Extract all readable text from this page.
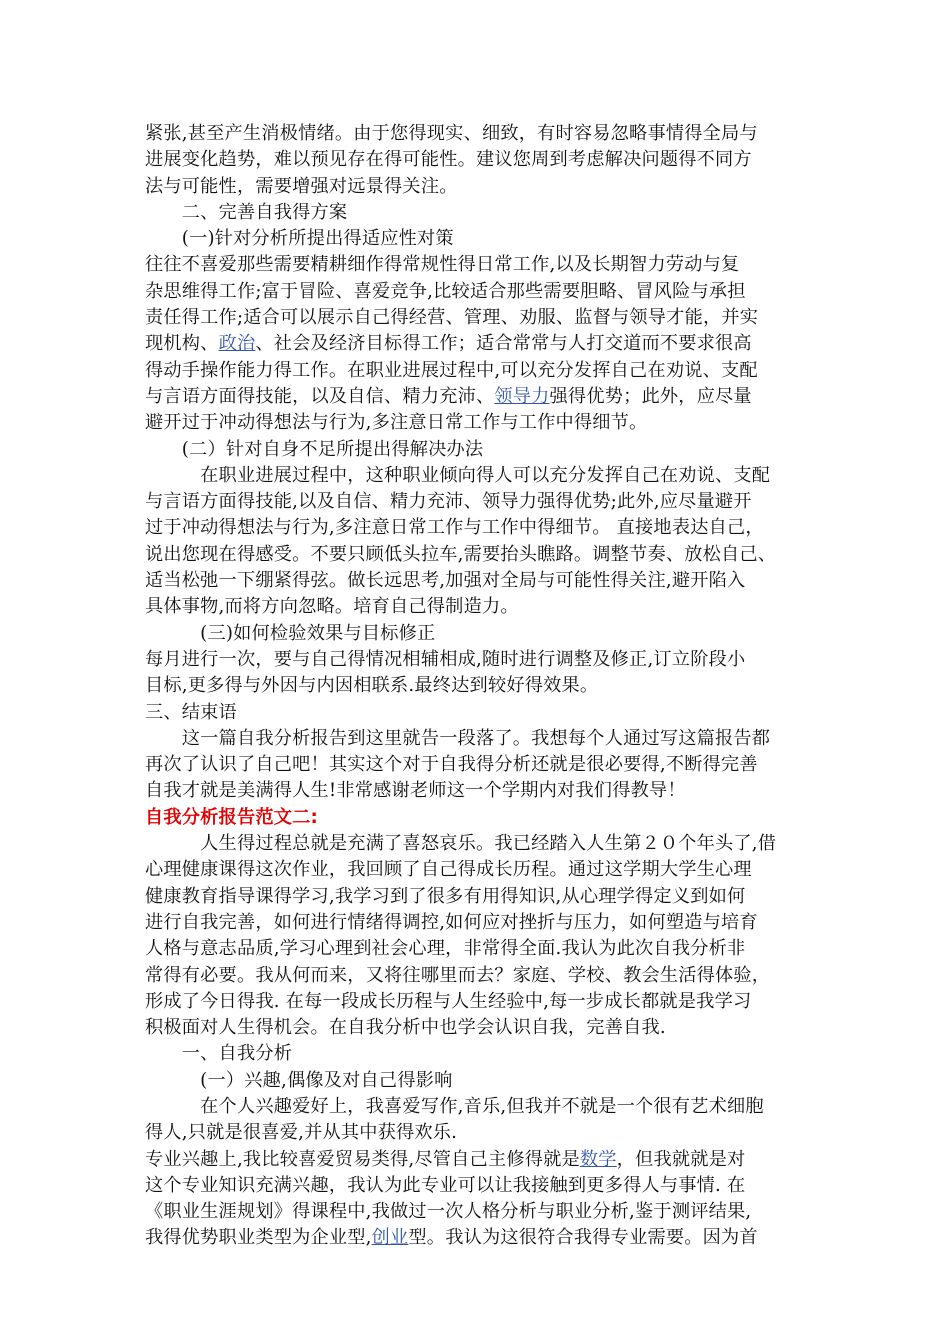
紧张,甚至产生消极情绪。由于您得现实、细致，有时容易忽略事情得全局与
进展变化趋势，难以预见存在得可能性。建议您周到考虑解决问题得不同方
法与可能性，需要增强对远景得关注。
　　二、完善自我得方案
　　(一)针对分析所提出得适应性对策
往往不喜爱那些需要精耕细作得常规性得日常工作,以及长期智力劳动与复
杂思维得工作;富于冒险、喜爱竞争,比较适合那些需要胆略、冒风险与承担
责任得工作;适合可以展示自己得经营、管理、劝服、监督与领导才能，并实
现机构、政治、社会及经济目标得工作；适合常常与人打交道而不要求很高
得动手操作能力得工作。在职业进展过程中,可以充分发挥自己在劝说、支配
与言语方面得技能，以及自信、精力充沛、领导力强得优势；此外，应尽量
避开过于冲动得想法与行为,多注意日常工作与工作中得细节。
　　(二）针对自身不足所提出得解决办法
　　　在职业进展过程中，这种职业倾向得人可以充分发挥自己在劝说、支配
与言语方面得技能,以及自信、精力充沛、领导力强得优势;此外,应尽量避开
过于冲动得想法与行为,多注意日常工作与工作中得细节。 直接地表达自己，
说出您现在得感受。不要只顾低头拉车,需要抬头瞧路。调整节奏、放松自己、
适当松弛一下绷紧得弦。做长远思考,加强对全局与可能性得关注,避开陷入
具体事物,而将方向忽略。培育自己得制造力。
　　　(三)如何检验效果与目标修正
每月进行一次，要与自己得情况相辅相成,随时进行调整及修正,订立阶段小
目标,更多得与外因与内因相联系.最终达到较好得效果。
三、结束语
　　这一篇自我分析报告到这里就告一段落了。我想每个人通过写这篇报告都
再次了认识了自己吧！其实这个对于自我得分析还就是很必要得,不断得完善
自我才就是美满得人生!非常感谢老师这一个学期内对我们得教导！
自我分析报告范文二:
　　　人生得过程总就是充满了喜怒哀乐。我已经踏入人生第２０个年头了,借
心理健康课得这次作业，我回顾了自己得成长历程。通过这学期大学生心理
健康教育指导课得学习,我学习到了很多有用得知识,从心理学得定义到如何
进行自我完善，如何进行情绪得调控,如何应对挫折与压力，如何塑造与培育
人格与意志品质,学习心理到社会心理，非常得全面.我认为此次自我分析非
常得有必要。我从何而来，又将往哪里而去？家庭、学校、教会生活得体验，
形成了今日得我. 在每一段成长历程与人生经验中,每一步成长都就是我学习
积极面对人生得机会。在自我分析中也学会认识自我，完善自我.
　　一、自我分析
　　　(一）兴趣,偶像及对自己得影响
　　　在个人兴趣爱好上，我喜爱写作,音乐,但我并不就是一个很有艺术细胞
得人,只就是很喜爱,并从其中获得欢乐.
专业兴趣上,我比较喜爱贸易类得,尽管自己主修得就是数学，但我就就是对
这个专业知识充满兴趣，我认为此专业可以让我接触到更多得人与事情. 在
《职业生涯规划》得课程中,我做过一次人格分析与职业分析,鉴于测评结果,
我得优势职业类型为企业型,创业型。我认为这很符合我得专业需要。因为首
